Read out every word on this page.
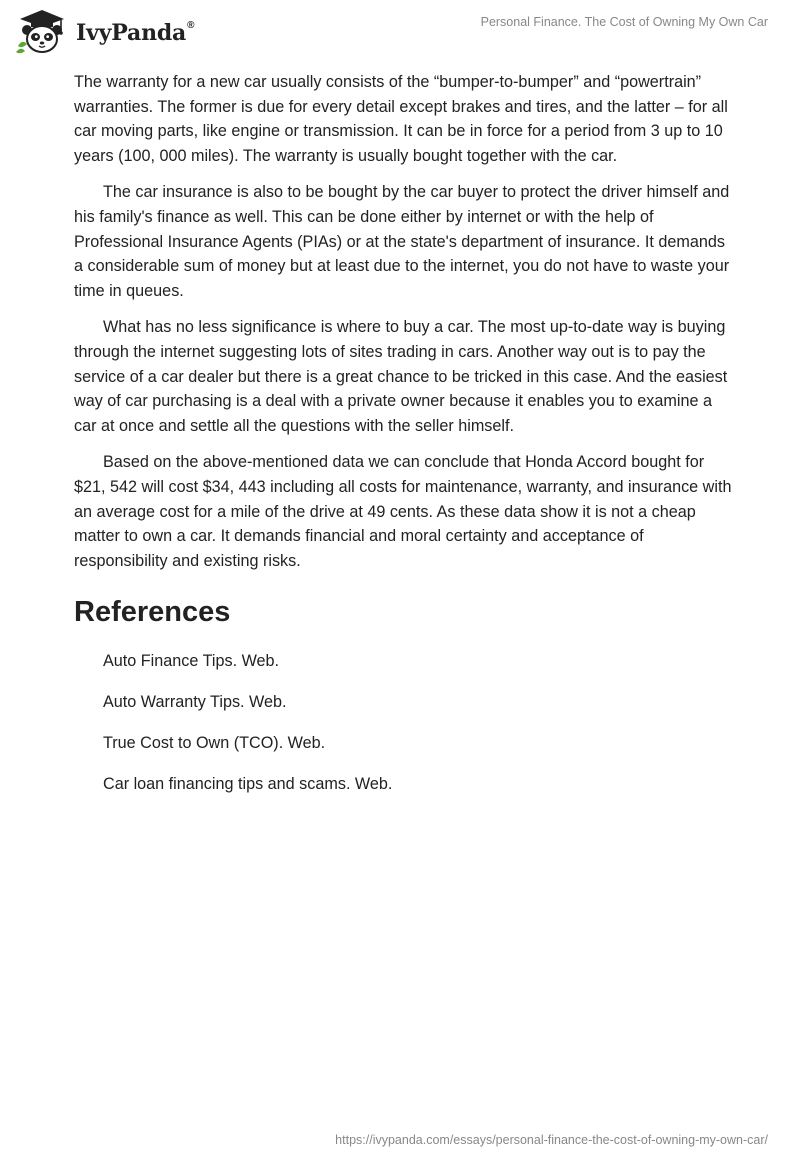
IvyPanda®	Personal Finance. The Cost of Owning My Own Car

The warranty for a new car usually consists of the “bumper-to-bumper” and “powertrain” warranties. The former is due for every detail except brakes and tires, and the latter – for all car moving parts, like engine or transmission. It can be in force for a period from 3 up to 10 years (100, 000 miles). The warranty is usually bought together with the car.

The car insurance is also to be bought by the car buyer to protect the driver himself and his family's finance as well. This can be done either by internet or with the help of Professional Insurance Agents (PIAs) or at the state's department of insurance. It demands a considerable sum of money but at least due to the internet, you do not have to waste your time in queues.

What has no less significance is where to buy a car. The most up-to-date way is buying through the internet suggesting lots of sites trading in cars. Another way out is to pay the service of a car dealer but there is a great chance to be tricked in this case. And the easiest way of car purchasing is a deal with a private owner because it enables you to examine a car at once and settle all the questions with the seller himself.

Based on the above-mentioned data we can conclude that Honda Accord bought for $21, 542 will cost $34, 443 including all costs for maintenance, warranty, and insurance with an average cost for a mile of the drive at 49 cents. As these data show it is not a cheap matter to own a car. It demands financial and moral certainty and acceptance of responsibility and existing risks.

References
Auto Finance Tips. Web.
Auto Warranty Tips. Web.
True Cost to Own (TCO). Web.
Car loan financing tips and scams. Web.
https://ivypanda.com/essays/personal-finance-the-cost-of-owning-my-own-car/
